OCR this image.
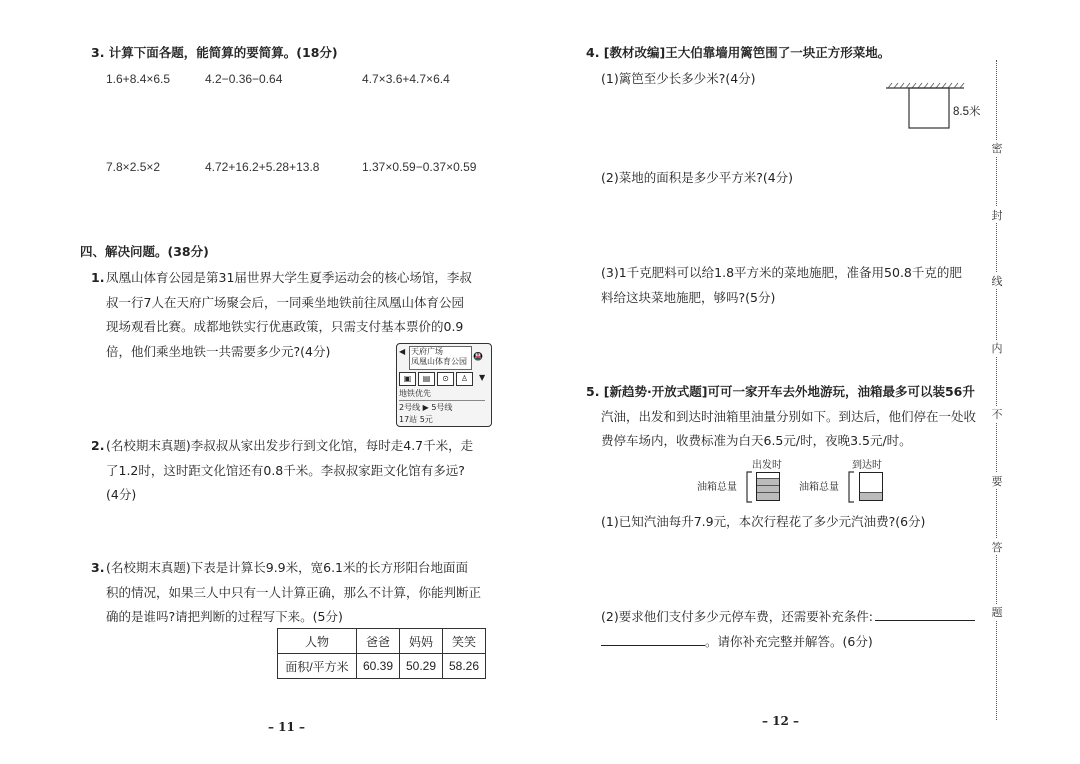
3. 计算下面各题，能简算的要简算。(18分)
1.6+8.4×6.5	4.2−0.36−0.64	4.7×3.6+4.7×6.4
7.8×2.5×2	4.72+16.2+5.28+13.8	1.37×0.59−0.37×0.59
四、解决问题。(38分)
1. 凤凰山体育公园是第31届世界大学生夏季运动会的核心场馆，李叔
叔一行7人在天府广场聚会后，一同乘坐地铁前往凤凰山体育公园
现场观看比赛。成都地铁实行优惠政策，只需支付基本票价的0.9
倍，他们乘坐地铁一共需要多少元?(4分)	◀ 天府广场
凤凰山体育公园
🚇
▣	▤	⊙	♙	▼
地铁优先
2号线 ▶ 5号线
17站 5元
2. (名校期末真题)李叔叔从家出发步行到文化馆，每时走4.7千米，走
了1.2时，这时距文化馆还有0.8千米。李叔叔家距文化馆有多远?
(4分)
3. (名校期末真题)下表是计算长9.9米，宽6.1米的长方形阳台地面面
积的情况，如果三人中只有一人计算正确，那么不计算，你能判断正
确的是谁吗?请把判断的过程写下来。(5分)
人物	爸爸	妈妈	笑笑
面积/平方米	60.39	50.29	58.26
– 11 –
4. [教材改编]王大伯靠墙用篱笆围了一块正方形菜地。
(1)篱笆至少长多少米?(4分)
8.5米
(2)菜地的面积是多少平方米?(4分)
(3)1千克肥料可以给1.8平方米的菜地施肥，准备用50.8千克的肥
料给这块菜地施肥，够吗?(5分)
5. [新趋势·开放式题]可可一家开车去外地游玩，油箱最多可以装56升
汽油，出发和到达时油箱里油量分别如下。到达后，他们停在一处收
费停车场内，收费标准为白天6.5元/时，夜晚3.5元/时。
出发时	到达时
油箱总量	油箱总量
(1)已知汽油每升7.9元，本次行程花了多少元汽油费?(6分)
(2)要求他们支付多少元停车费，还需要补充条件:
。请你补充完整并解答。(6分)
– 12 –
密
封
线
内
不
要
答
题
